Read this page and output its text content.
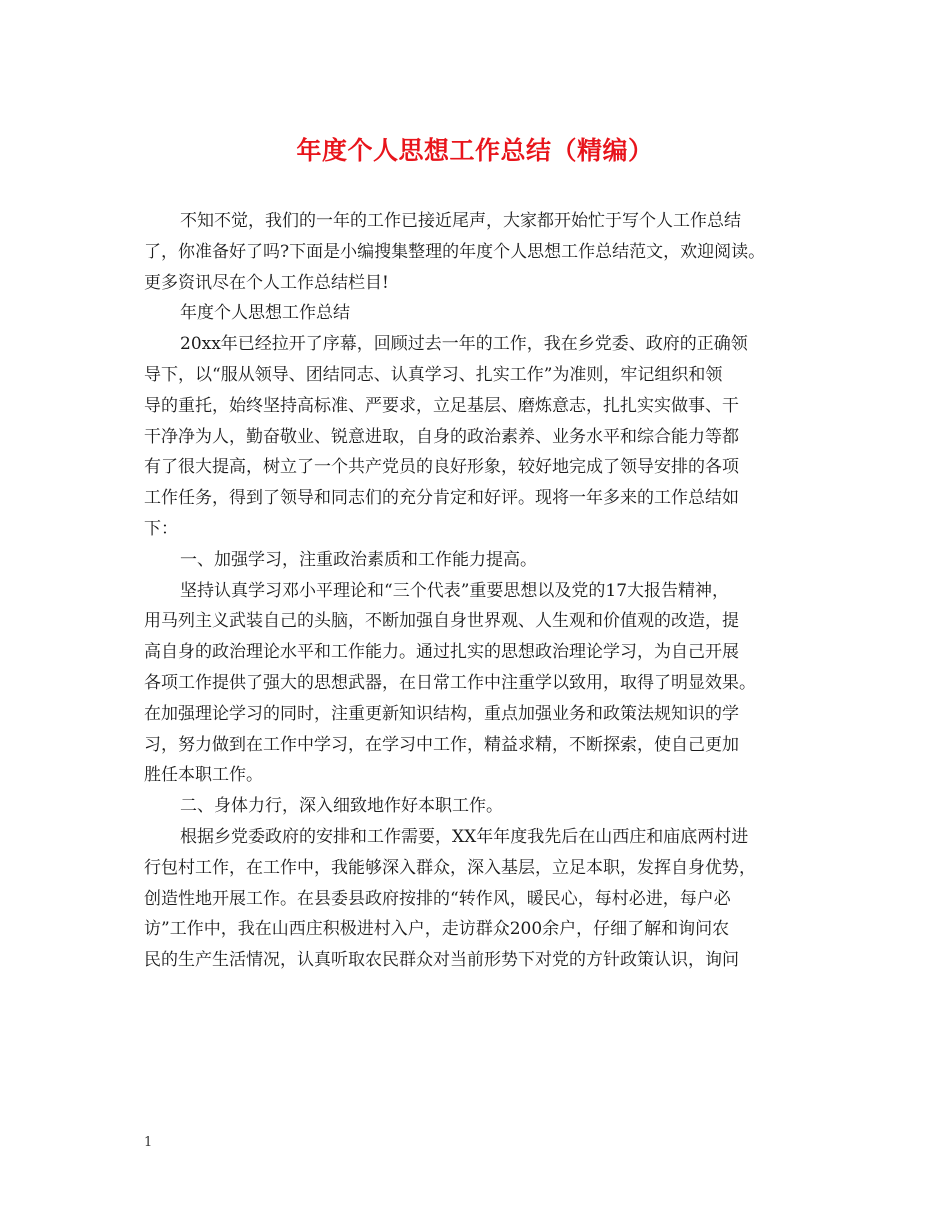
年度个人思想工作总结（精编）
不知不觉，我们的一年的工作已接近尾声，大家都开始忙于写个人工作总结
了，你准备好了吗?下面是小编搜集整理的年度个人思想工作总结范文，欢迎阅读。
更多资讯尽在个人工作总结栏目!
年度个人思想工作总结
20xx年已经拉开了序幕，回顾过去一年的工作，我在乡党委、政府的正确领
导下，以“服从领导、团结同志、认真学习、扎实工作”为准则，牢记组织和领
导的重托，始终坚持高标准、严要求，立足基层、磨炼意志，扎扎实实做事、干
干净净为人，勤奋敬业、锐意进取，自身的政治素养、业务水平和综合能力等都
有了很大提高，树立了一个共产党员的良好形象，较好地完成了领导安排的各项
工作任务，得到了领导和同志们的充分肯定和好评。现将一年多来的工作总结如
下：
一、加强学习，注重政治素质和工作能力提高。
坚持认真学习邓小平理论和“三个代表”重要思想以及党的17大报告精神，
用马列主义武装自己的头脑，不断加强自身世界观、人生观和价值观的改造，提
高自身的政治理论水平和工作能力。通过扎实的思想政治理论学习，为自己开展
各项工作提供了强大的思想武器，在日常工作中注重学以致用，取得了明显效果。
在加强理论学习的同时，注重更新知识结构，重点加强业务和政策法规知识的学
习，努力做到在工作中学习，在学习中工作，精益求精，不断探索，使自己更加
胜任本职工作。
二、身体力行，深入细致地作好本职工作。
根据乡党委政府的安排和工作需要，XX年年度我先后在山西庄和庙底两村进
行包村工作，在工作中，我能够深入群众，深入基层，立足本职，发挥自身优势，
创造性地开展工作。在县委县政府按排的“转作风，暖民心，每村必进，每户必
访”工作中，我在山西庄积极进村入户，走访群众200余户，仔细了解和询问农
民的生产生活情况，认真听取农民群众对当前形势下对党的方针政策认识，询问
1
